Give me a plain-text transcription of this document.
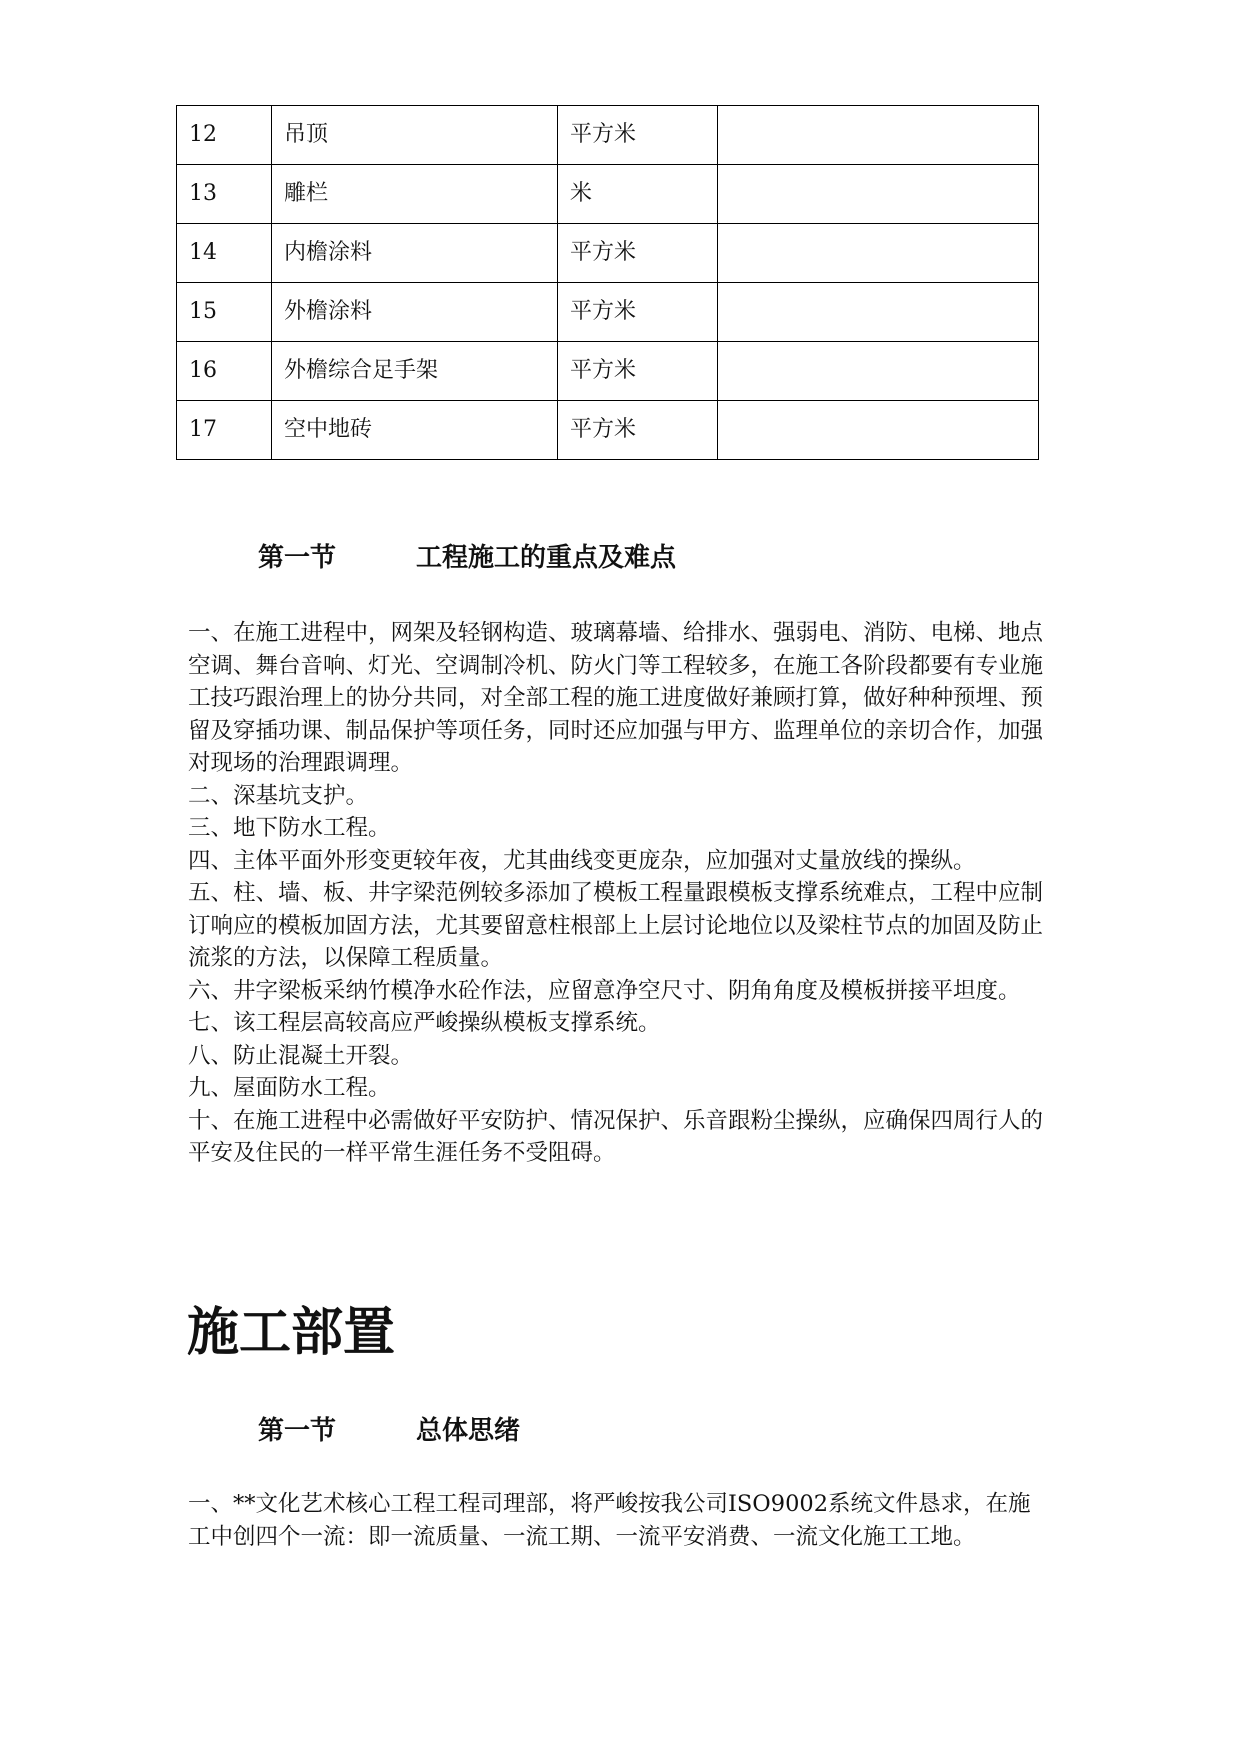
12	吊顶	平方米	
13	雕栏	米	
14	内檐涂料	平方米	
15	外檐涂料	平方米	
16	外檐综合足手架	平方米	
17	空中地砖	平方米	
第一节	工程施工的重点及难点

一、在施工进程中，网架及轻钢构造、玻璃幕墙、给排水、强弱电、消防、电梯、地点空调、舞台音响、灯光、空调制冷机、防火门等工程较多，在施工各阶段都要有专业施工技巧跟治理上的协分共同，对全部工程的施工进度做好兼顾打算，做好种种预埋、预留及穿插功课、制品保护等项任务，同时还应加强与甲方、监理单位的亲切合作，加强对现场的治理跟调理。

二、深基坑支护。

三、地下防水工程。

四、主体平面外形变更较年夜，尤其曲线变更庞杂，应加强对丈量放线的操纵。

五、柱、墙、板、井字梁范例较多添加了模板工程量跟模板支撑系统难点，工程中应制订响应的模板加固方法，尤其要留意柱根部上上层讨论地位以及梁柱节点的加固及防止流浆的方法，以保障工程质量。

六、井字梁板采纳竹模净水砼作法，应留意净空尺寸、阴角角度及模板拼接平坦度。

七、该工程层高较高应严峻操纵模板支撑系统。

八、防止混凝土开裂。

九、屋面防水工程。

十、在施工进程中必需做好平安防护、情况保护、乐音跟粉尘操纵，应确保四周行人的平安及住民的一样平常生涯任务不受阻碍。

施工部置
第一节	总体思绪

一、**文化艺术核心工程工程司理部，将严峻按我公司ISO9002系统文件恳求，在施工中创四个一流：即一流质量、一流工期、一流平安消费、一流文化施工工地。
